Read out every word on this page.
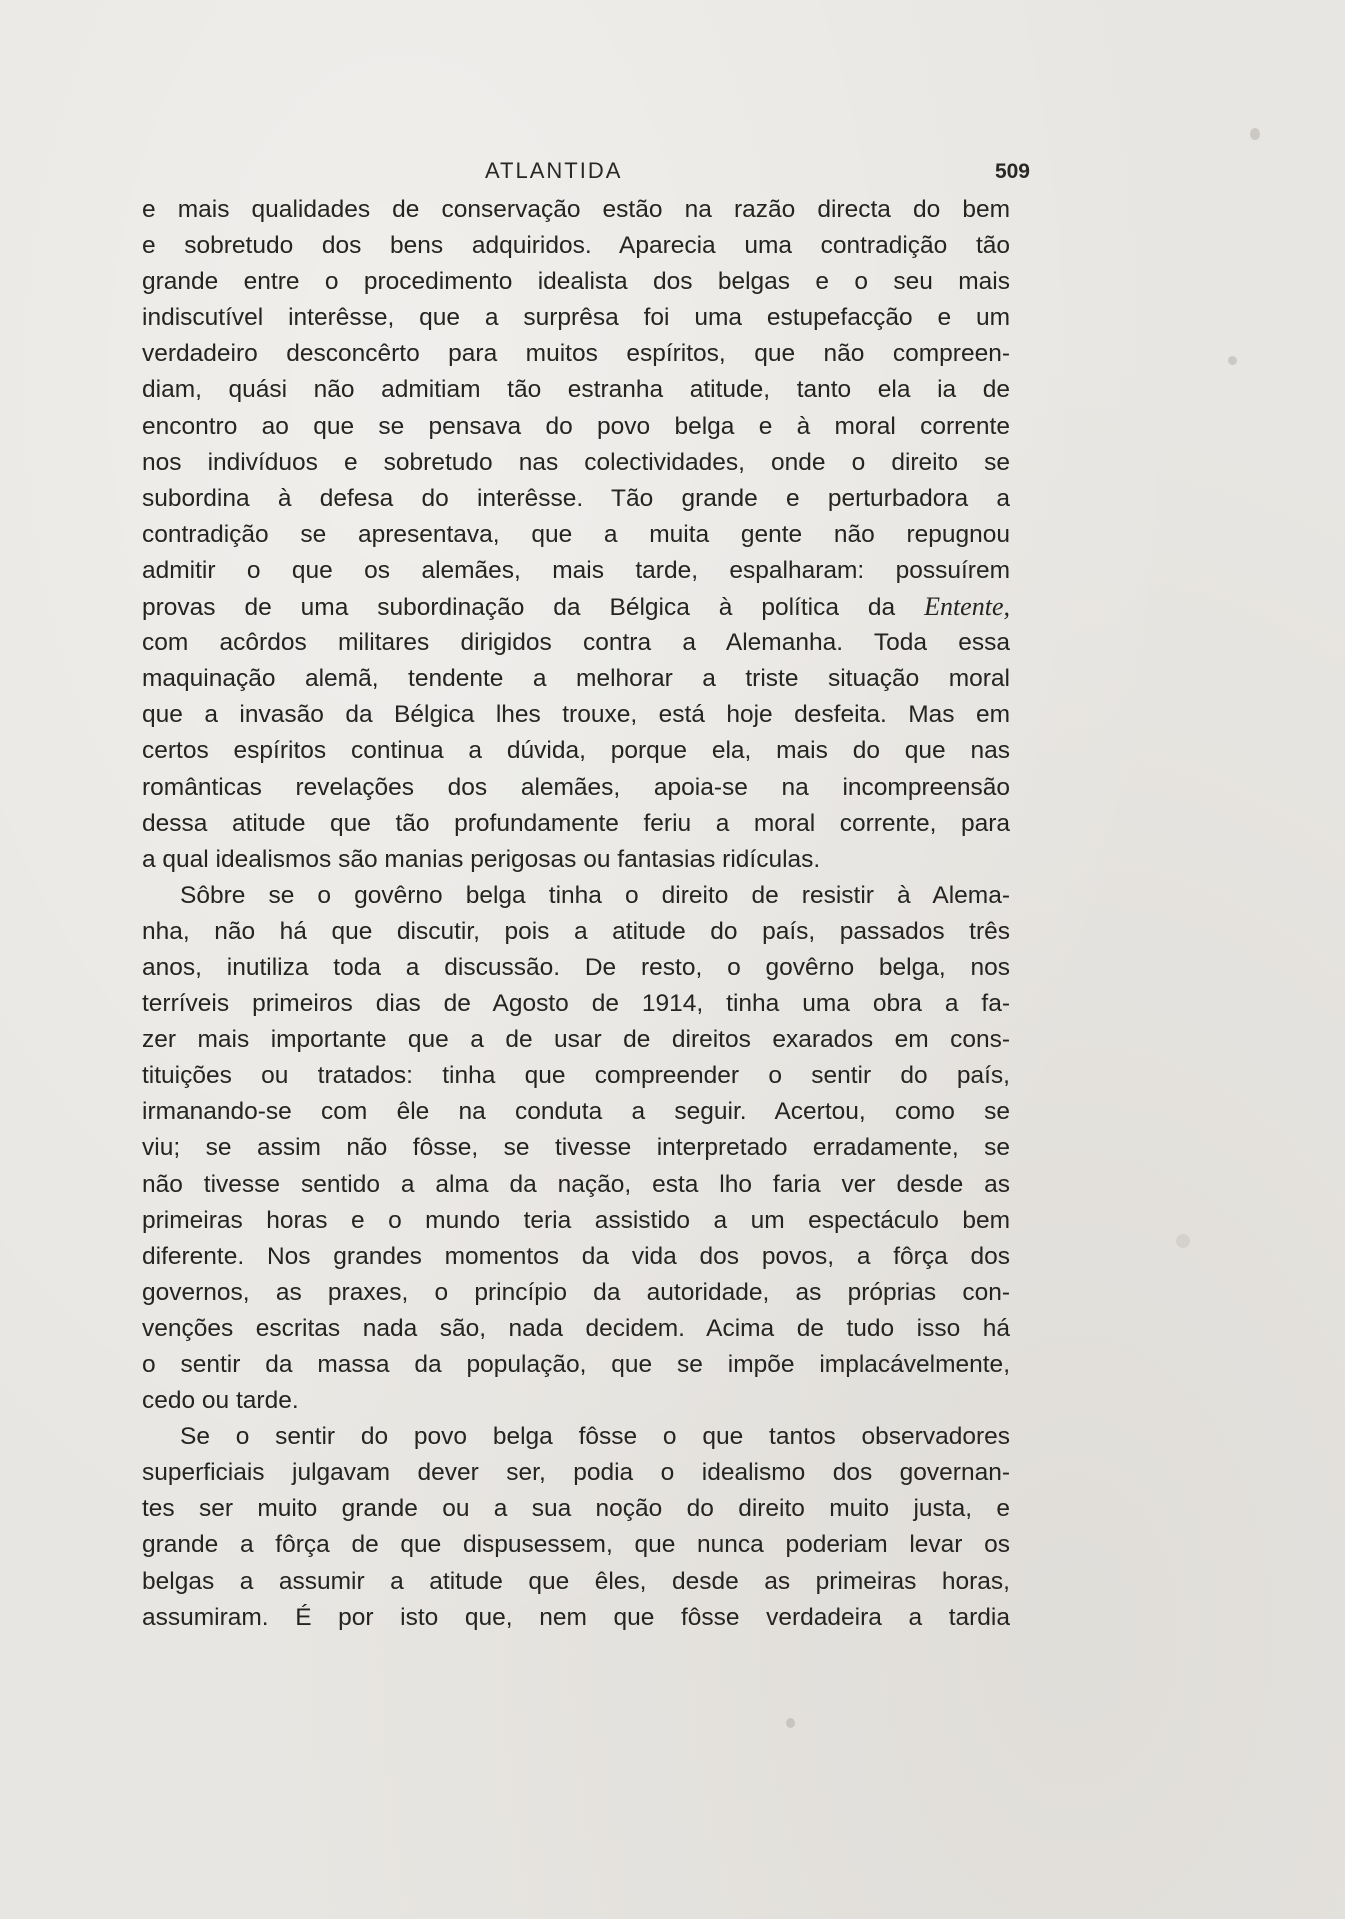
ATLANTIDA	509
e mais qualidades de conservação estão na razão directa do bem
e sobretudo dos bens adquiridos. Aparecia uma contradição tão
grande entre o procedimento idealista dos belgas e o seu mais
indiscutível interêsse, que a surprêsa foi uma estupefacção e um
verdadeiro desconcêrto para muitos espíritos, que não compreen-
diam, quási não admitiam tão estranha atitude, tanto ela ia de
encontro ao que se pensava do povo belga e à moral corrente
nos indivíduos e sobretudo nas colectividades, onde o direito se
subordina à defesa do interêsse. Tão grande e perturbadora a
contradição se apresentava, que a muita gente não repugnou
admitir o que os alemães, mais tarde, espalharam: possuírem
provas de uma subordinação da Bélgica à política da Entente,
com acôrdos militares dirigidos contra a Alemanha. Toda essa
maquinação alemã, tendente a melhorar a triste situação moral
que a invasão da Bélgica lhes trouxe, está hoje desfeita. Mas em
certos espíritos continua a dúvida, porque ela, mais do que nas
românticas revelações dos alemães, apoia-se na incompreensão
dessa atitude que tão profundamente feriu a moral corrente, para
a qual idealismos são manias perigosas ou fantasias ridículas.
Sôbre se o govêrno belga tinha o direito de resistir à Alema-
nha, não há que discutir, pois a atitude do país, passados três
anos, inutiliza toda a discussão. De resto, o govêrno belga, nos
terríveis primeiros dias de Agosto de 1914, tinha uma obra a fa-
zer mais importante que a de usar de direitos exarados em cons-
tituições ou tratados: tinha que compreender o sentir do país,
irmanando-se com êle na conduta a seguir. Acertou, como se
viu; se assim não fôsse, se tivesse interpretado erradamente, se
não tivesse sentido a alma da nação, esta lho faria ver desde as
primeiras horas e o mundo teria assistido a um espectáculo bem
diferente. Nos grandes momentos da vida dos povos, a fôrça dos
governos, as praxes, o princípio da autoridade, as próprias con-
venções escritas nada são, nada decidem. Acima de tudo isso há
o sentir da massa da população, que se impõe implacávelmente,
cedo ou tarde.
Se o sentir do povo belga fôsse o que tantos observadores
superficiais julgavam dever ser, podia o idealismo dos governan-
tes ser muito grande ou a sua noção do direito muito justa, e
grande a fôrça de que dispusessem, que nunca poderiam levar os
belgas a assumir a atitude que êles, desde as primeiras horas,
assumiram. É por isto que, nem que fôsse verdadeira a tardia
